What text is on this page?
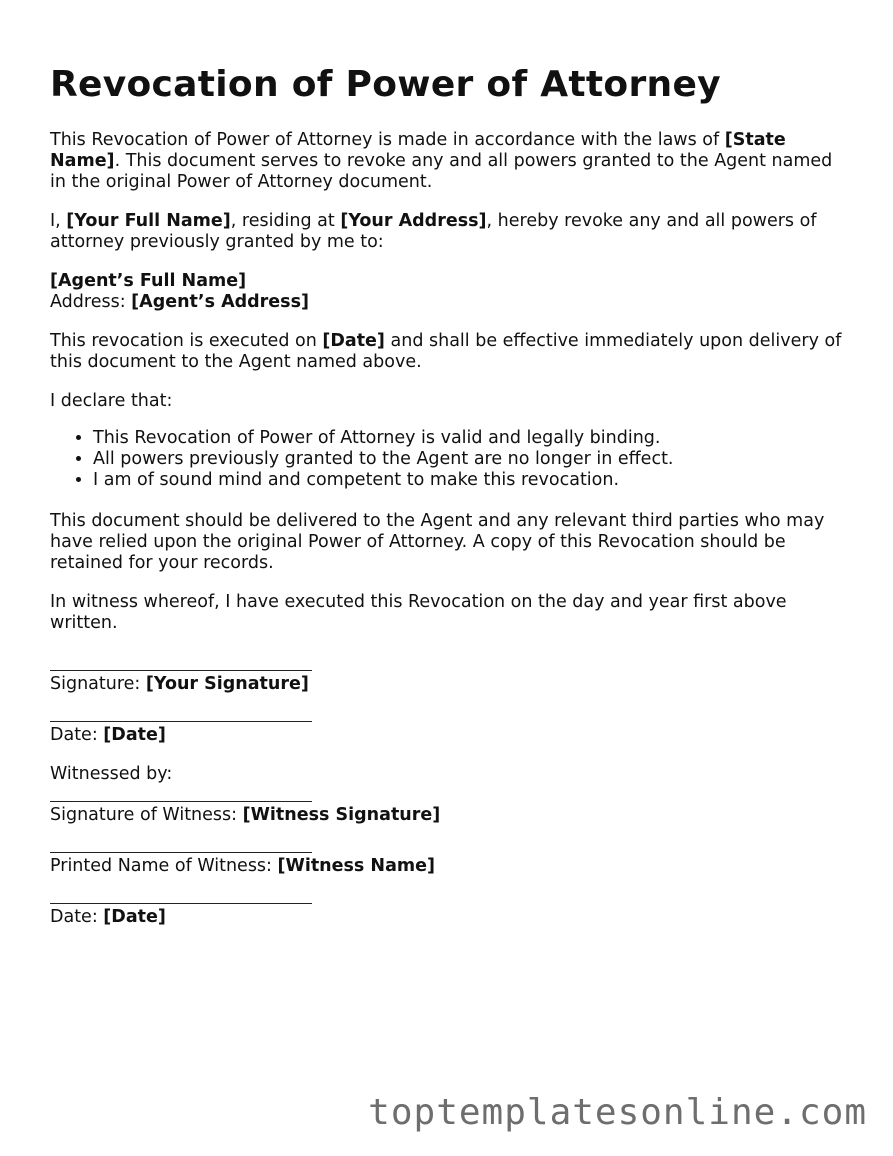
Revocation of Power of Attorney

This Revocation of Power of Attorney is made in accordance with the laws of [State Name]. This document serves to revoke any and all powers granted to the Agent named in the original Power of Attorney document.

I, [Your Full Name], residing at [Your Address], hereby revoke any and all powers of attorney previously granted by me to:

[Agent’s Full Name]
Address: [Agent’s Address]

This revocation is executed on [Date] and shall be effective immediately upon delivery of this document to the Agent named above.

I declare that:

• This Revocation of Power of Attorney is valid and legally binding.
• All powers previously granted to the Agent are no longer in effect.
• I am of sound mind and competent to make this revocation.

This document should be delivered to the Agent and any relevant third parties who may have relied upon the original Power of Attorney. A copy of this Revocation should be retained for your records.

In witness whereof, I have executed this Revocation on the day and year first above written.

Signature: [Your Signature]
Date: [Date]

Witnessed by:

Signature of Witness: [Witness Signature]
Printed Name of Witness: [Witness Name]
Date: [Date]
toptemplatesonline.com
